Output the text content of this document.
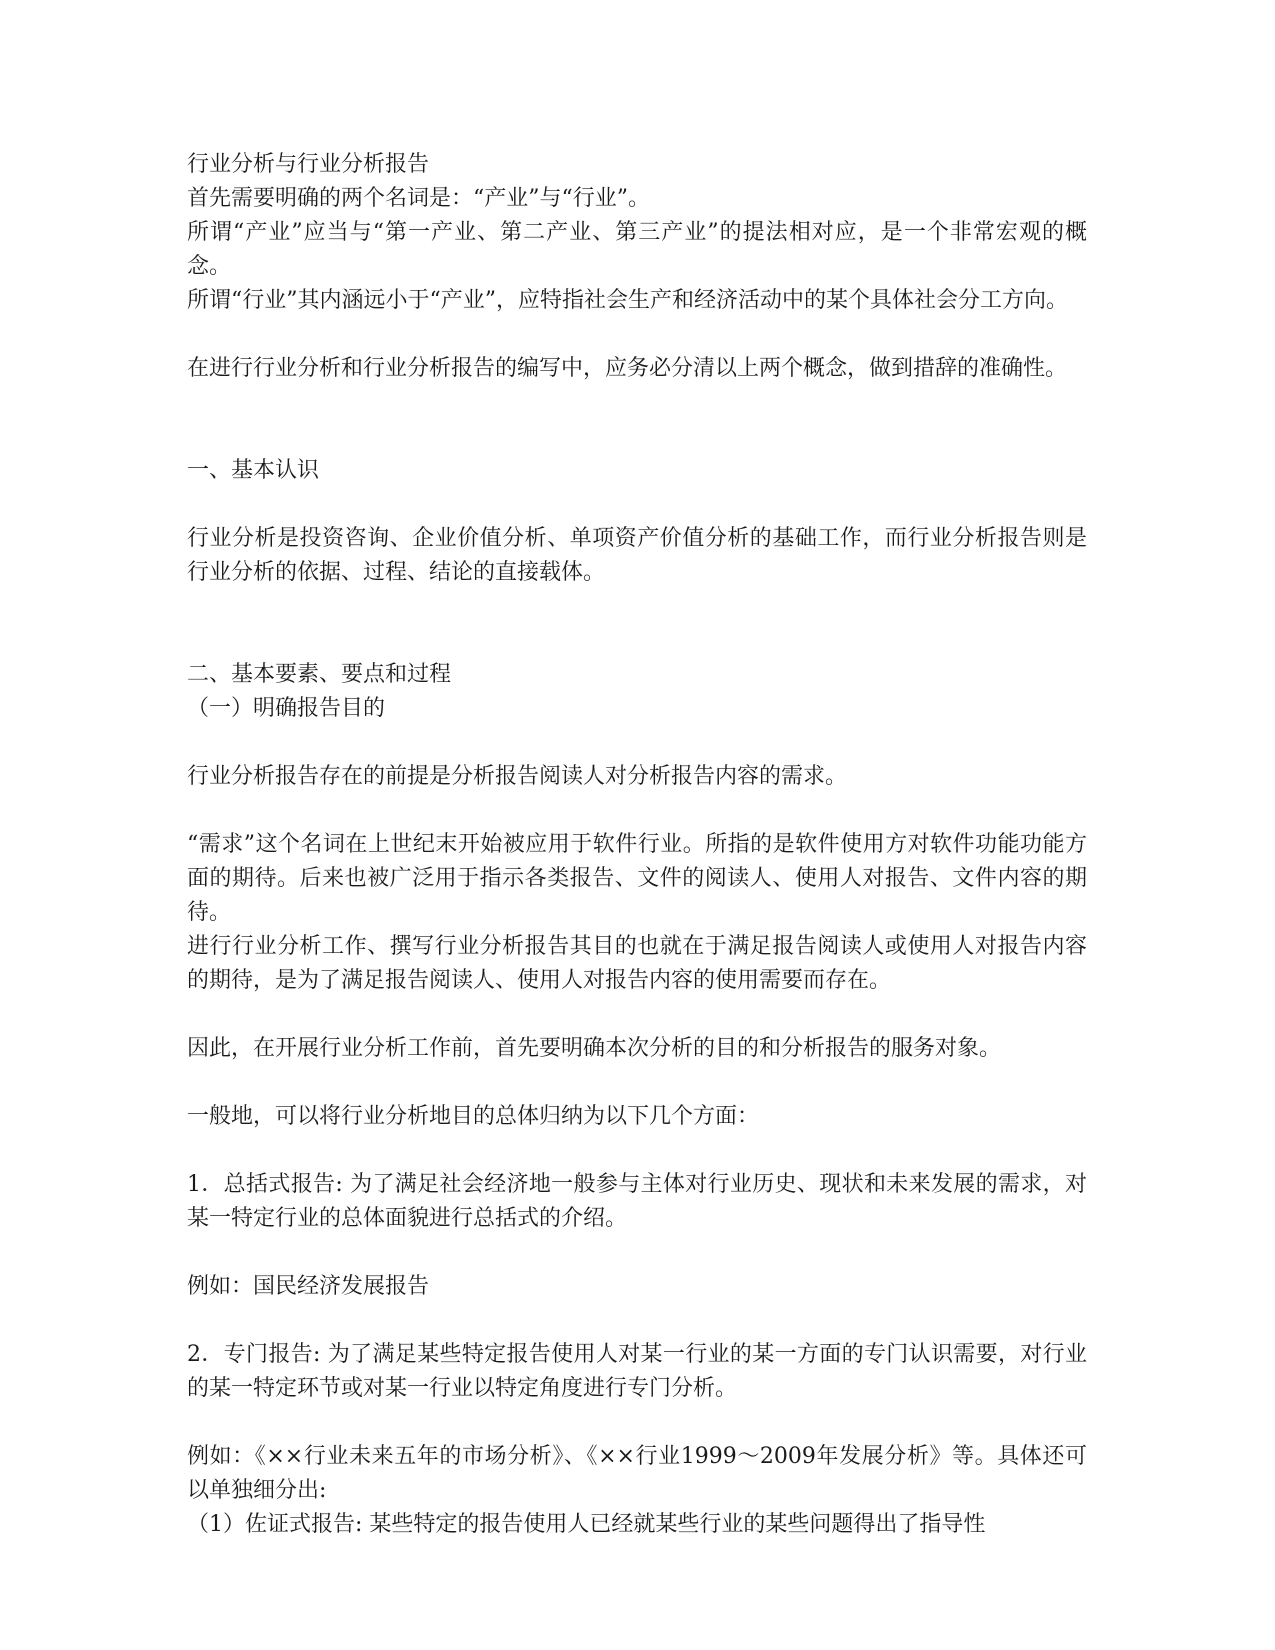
行业分析与行业分析报告

首先需要明确的两个名词是：“产业”与“行业”。

所谓“产业”应当与“第一产业、第二产业、第三产业”的提法相对应，是一个非常宏观的概念。

所谓“行业”其内涵远小于“产业”，应特指社会生产和经济活动中的某个具体社会分工方向。

在进行行业分析和行业分析报告的编写中，应务必分清以上两个概念，做到措辞的准确性。

一、基本认识

行业分析是投资咨询、企业价值分析、单项资产价值分析的基础工作，而行业分析报告则是行业分析的依据、过程、结论的直接载体。

二、基本要素、要点和过程

（一）明确报告目的

行业分析报告存在的前提是分析报告阅读人对分析报告内容的需求。

“需求”这个名词在上世纪末开始被应用于软件行业。所指的是软件使用方对软件功能功能方面的期待。后来也被广泛用于指示各类报告、文件的阅读人、使用人对报告、文件内容的期待。

进行行业分析工作、撰写行业分析报告其目的也就在于满足报告阅读人或使用人对报告内容的期待，是为了满足报告阅读人、使用人对报告内容的使用需要而存在。

因此，在开展行业分析工作前，首先要明确本次分析的目的和分析报告的服务对象。

一般地，可以将行业分析地目的总体归纳为以下几个方面：

1．总括式报告: 为了满足社会经济地一般参与主体对行业历史、现状和未来发展的需求，对某一特定行业的总体面貌进行总括式的介绍。

例如：国民经济发展报告

2．专门报告: 为了满足某些特定报告使用人对某一行业的某一方面的专门认识需要，对行业的某一特定环节或对某一行业以特定角度进行专门分析。

例如：《××行业未来五年的市场分析》、《××行业1999～2009年发展分析》等。具体还可以单独细分出:

（1）佐证式报告: 某些特定的报告使用人已经就某些行业的某些问题得出了指导性
